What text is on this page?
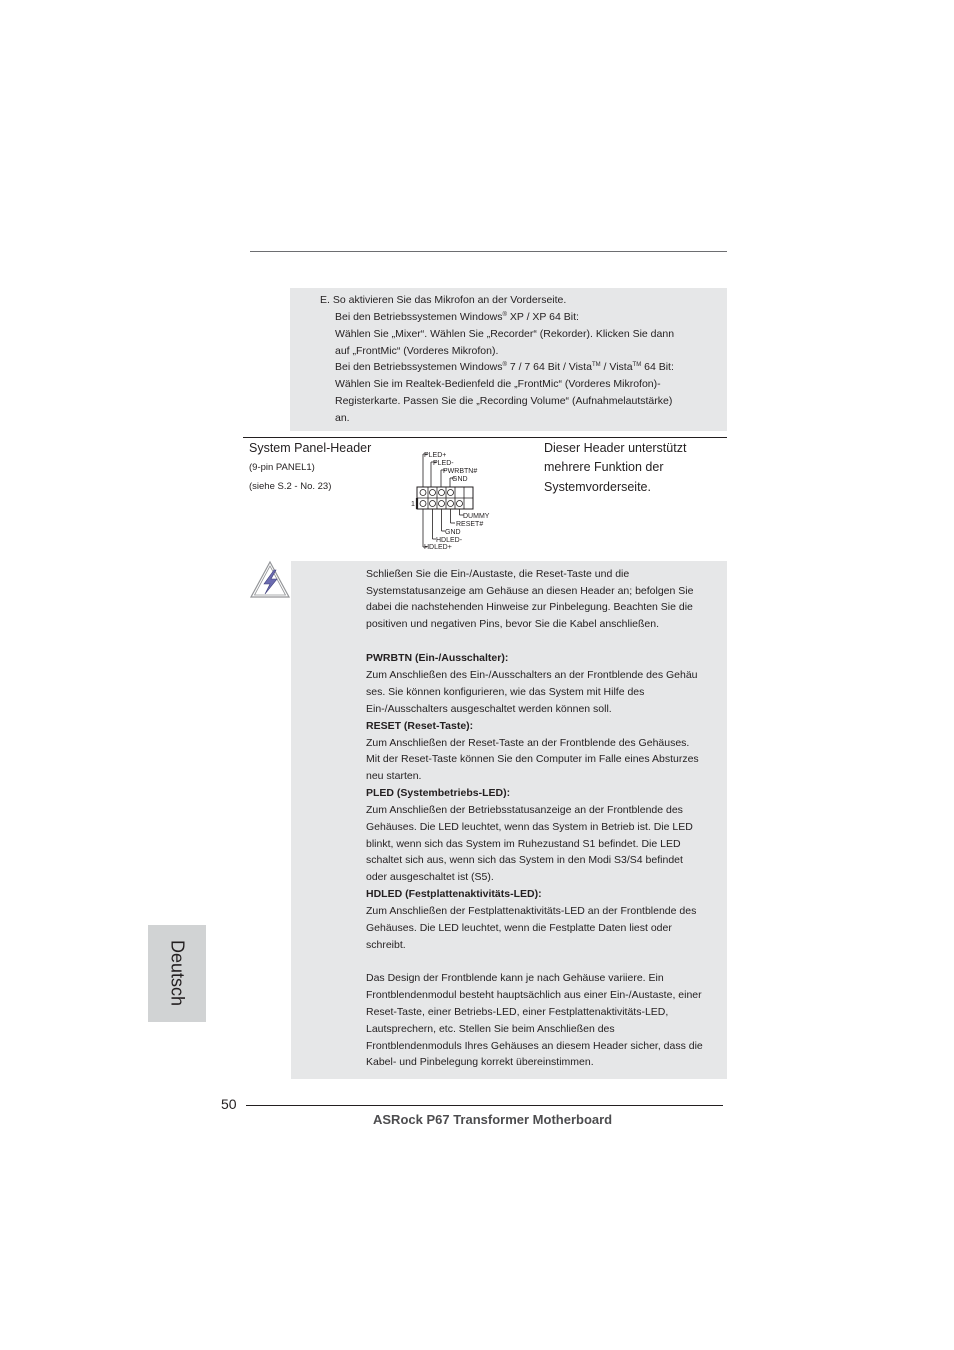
E. So aktivieren Sie das Mikrofon an der Vorderseite.
Bei den Betriebssystemen Windows® XP / XP 64 Bit:
Wählen Sie „Mixer“. Wählen Sie „Recorder“ (Rekorder). Klicken Sie dann
auf „FrontMic“ (Vorderes Mikrofon).
Bei den Betriebssystemen Windows® 7 / 7 64 Bit / Vista™ / Vista™ 64 Bit:
Wählen Sie im Realtek-Bedienfeld die „FrontMic“ (Vorderes Mikrofon)-
Registerkarte. Passen Sie die „Recording Volume“ (Aufnahmelautstärke)
an.
System Panel-Header
(9-pin PANEL1)
(siehe S.2 - No. 23)
PLED+
PLED-
PWRBTN#
GND
1
DUMMY
RESET#
GND
HDLED-
HDLED+
Dieser Header unterstützt
mehrere Funktion der
Systemvorderseite.
Schließen Sie die Ein-/Austaste, die Reset-Taste und die
Systemstatusanzeige am Gehäuse an diesen Header an; befolgen Sie
dabei die nachstehenden Hinweise zur Pinbelegung. Beachten Sie die
positiven und negativen Pins, bevor Sie die Kabel anschließen.
PWRBTN (Ein-/Ausschalter):
Zum Anschließen des Ein-/Ausschalters an der Frontblende des Gehäu
ses. Sie können konfigurieren, wie das System mit Hilfe des
Ein-/Ausschalters ausgeschaltet werden können soll.
RESET (Reset-Taste):
Zum Anschließen der Reset-Taste an der Frontblende des Gehäuses.
Mit der Reset-Taste können Sie den Computer im Falle eines Absturzes
neu starten.
PLED (Systembetriebs-LED):
Zum Anschließen der Betriebsstatusanzeige an der Frontblende des
Gehäuses. Die LED leuchtet, wenn das System in Betrieb ist. Die LED
blinkt, wenn sich das System im Ruhezustand S1 befindet. Die LED
schaltet sich aus, wenn sich das System in den Modi S3/S4 befindet
oder ausgeschaltet ist (S5).
HDLED (Festplattenaktivitäts-LED):
Zum Anschließen der Festplattenaktivitäts-LED an der Frontblende des
Gehäuses. Die LED leuchtet, wenn die Festplatte Daten liest oder
schreibt.
Das Design der Frontblende kann je nach Gehäuse variiere. Ein
Frontblendenmodul besteht hauptsächlich aus einer Ein-/Austaste, einer
Reset-Taste, einer Betriebs-LED, einer Festplattenaktivitäts-LED,
Lautsprechern, etc. Stellen Sie beim Anschließen des
Frontblendenmoduls Ihres Gehäuses an diesem Header sicher, dass die
Kabel- und Pinbelegung korrekt übereinstimmen.
Deutsch
50
ASRock P67 Transformer Motherboard
